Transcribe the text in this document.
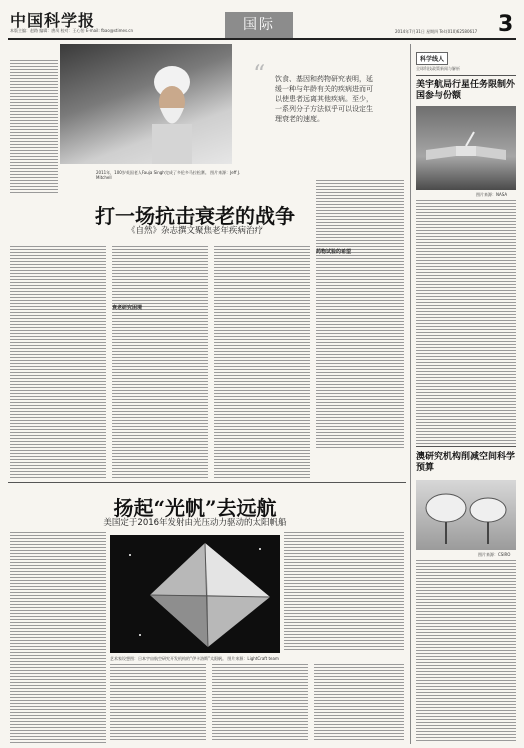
中国科学报
本版主编：赵路 编辑：唐凤 校对：王心怡 E-mail: fbao@stimes.cn	国际	2014年7月31日 星期四 Tel:(010)62580617 3
2011年，100岁英国老人Fauja Singh完成了多伦多马拉松赛。 图片来源：Jeff J. Mitchell
“ 饮食、基因和药物研究表明，延缓一种与年龄有关的疾病进而可以使患者远离其他疾病。至少，一系列分子方法似乎可以设定生理衰老的速度。
打一场抗击衰老的战争
《自然》杂志撰文聚焦老年疾病治疗
衰老研究困境
药物试验的希望
扬起“光帆”去远航
美国定于2016年发射由光压动力驱动的太阳帆船
艺术家设想图：日本宇宙航空研究开发机构的“伊卡洛斯”太阳帆。 图片来源：LightCraft team
科学线人
全球科技政策新闻与解析
美宇航局行星任务限制外国参与份额
图片来源：NASA
澳研究机构削减空间科学预算
图片来源：CSIRO
